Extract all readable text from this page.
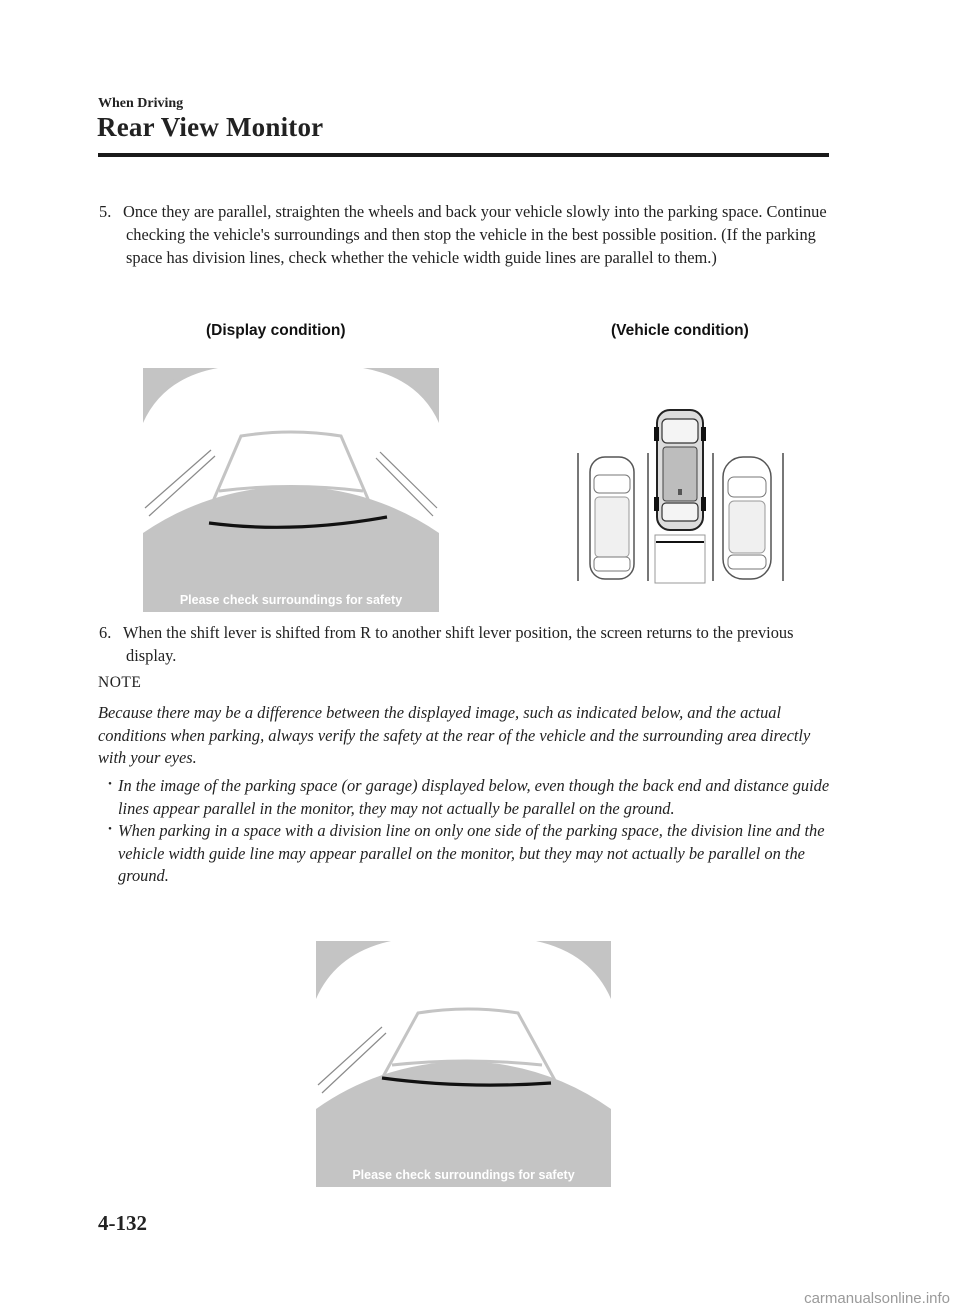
When Driving
Rear View Monitor
5. Once they are parallel, straighten the wheels and back your vehicle slowly into the parking space. Continue checking the vehicle's surroundings and then stop the vehicle in the best possible position. (If the parking space has division lines, check whether the vehicle width guide lines are parallel to them.)
(Display condition)	(Vehicle condition)
Please check surroundings for safety
6. When the shift lever is shifted from R to another shift lever position, the screen returns to the previous display.
NOTE
Because there may be a difference between the displayed image, such as indicated below, and the actual conditions when parking, always verify the safety at the rear of the vehicle and the surrounding area directly with your eyes.
・ In the image of the parking space (or garage) displayed below, even though the back end and distance guide lines appear parallel in the monitor, they may not actually be parallel on the ground.
・ When parking in a space with a division line on only one side of the parking space, the division line and the vehicle width guide line may appear parallel on the monitor, but they may not actually be parallel on the ground.
Please check surroundings for safety
4-132
carmanualsonline.info
